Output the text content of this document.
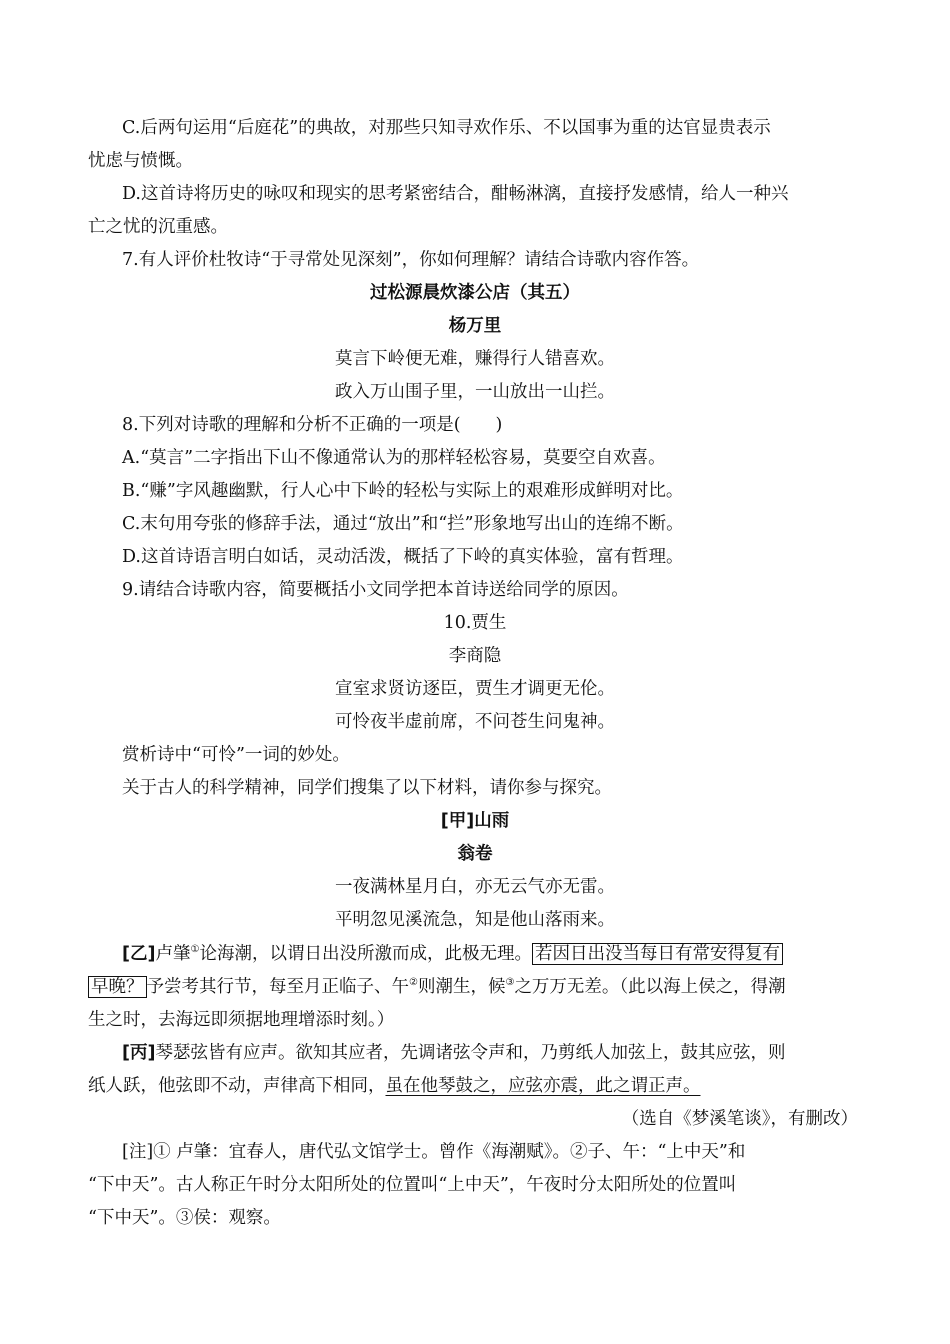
C.后两句运用“后庭花”的典故，对那些只知寻欢作乐、不以国事为重的达官显贵表示
忧虑与愤慨。
D.这首诗将历史的咏叹和现实的思考紧密结合，酣畅淋漓，直接抒发感情，给人一种兴
亡之忧的沉重感。
7.有人评价杜牧诗“于寻常处见深刻”，你如何理解？请结合诗歌内容作答。
过松源晨炊漆公店（其五）
杨万里
莫言下岭便无难，赚得行人错喜欢。
政入万山围子里，一山放出一山拦。
8.下列对诗歌的理解和分析不正确的一项是(　　)
A.“莫言”二字指出下山不像通常认为的那样轻松容易，莫要空自欢喜。
B.“赚”字风趣幽默，行人心中下岭的轻松与实际上的艰难形成鲜明对比。
C.末句用夸张的修辞手法，通过“放出”和“拦”形象地写出山的连绵不断。
D.这首诗语言明白如话，灵动活泼，概括了下岭的真实体验，富有哲理。
9.请结合诗歌内容，简要概括小文同学把本首诗送给同学的原因。
10.贾生
李商隐
宣室求贤访逐臣，贾生才调更无伦。
可怜夜半虚前席，不问苍生问鬼神。
赏析诗中“可怜”一词的妙处。
关于古人的科学精神，同学们搜集了以下材料，请你参与探究。
[甲]山雨
翁卷
一夜满林星月白，亦无云气亦无雷。
平明忽见溪流急，知是他山落雨来。
[乙]卢肇①论海潮，以谓日出没所激而成，此极无理。 若因日出没当每日有常安得复有
早晚？ 予尝考其行节，每至月正临子、午②则潮生，候③之万万无差。（此以海上侯之，得潮
生之时，去海远即须据地理增添时刻。）
[丙]琴瑟弦皆有应声。欲知其应者，先调诸弦令声和，乃剪纸人加弦上，鼓其应弦，则
纸人跃，他弦即不动，声律高下相同，虽在他琴鼓之，应弦亦震，此之谓正声。
（选自《梦溪笔谈》，有删改）
[注]① 卢肇：宜春人，唐代弘文馆学士。曾作《海潮赋》。②子、午：“上中天”和
“下中天”。古人称正午时分太阳所处的位置叫“上中天”，午夜时分太阳所处的位置叫
“下中天”。③侯：观察。
